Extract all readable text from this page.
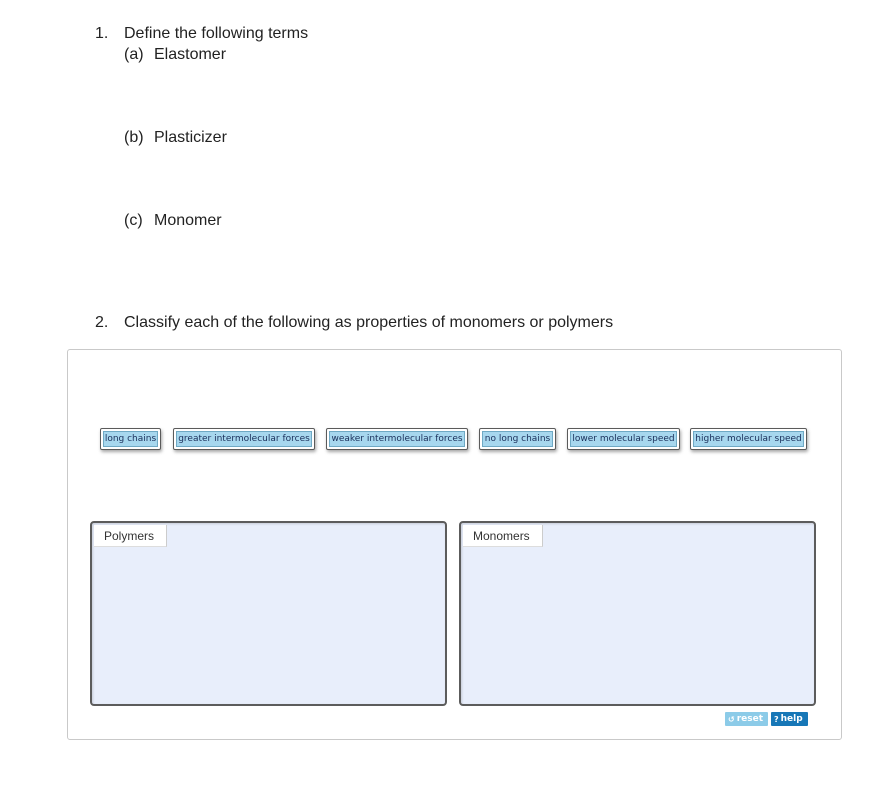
1. Define the following terms
(a) Elastomer
(b) Plasticizer
(c) Monomer
2. Classify each of the following as properties of monomers or polymers
long chains greater intermolecular forces weaker intermolecular forces	no long chains	lower molecular speed higher molecular speed
Polymers	Monomers
↺ reset ? help
